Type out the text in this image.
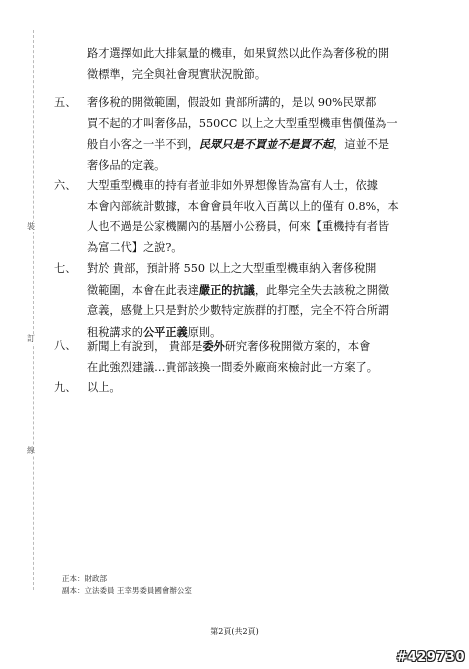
裝
訂
線
路才選擇如此大排氣量的機車，如果貿然以此作為奢侈稅的開
徵標準，完全與社會現實狀況脫節。
五、 奢侈稅的開徵範圍，假設如 貴部所講的，是以 90%民眾都
買不起的才叫奢侈品，550CC 以上之大型重型機車售價僅為一
般自小客之一半不到，民眾只是不買並不是買不起，這並不是
奢侈品的定義。
六、 大型重型機車的持有者並非如外界想像皆為富有人士，依據
本會內部統計數據，本會會員年收入百萬以上的僅有 0.8%，本
人也不過是公家機關內的基層小公務員，何來【重機持有者皆
為富二代】之說?。
七、 對於 貴部，預計將 550 以上之大型重型機車納入奢侈稅開
徵範圍，本會在此表達嚴正的抗議，此舉完全失去該稅之開徵
意義，感覺上只是對於少數特定族群的打壓，完全不符合所謂
租稅講求的公平正義原則。
八、 新聞上有說到， 貴部是委外研究奢侈稅開徵方案的，本會
在此強烈建議…貴部該換一間委外廠商來檢討此一方案了。
九、 以上。
正本：財政部
副本：立法委員 王幸男委員國會辦公室
第2頁(共2頁)
#429730
